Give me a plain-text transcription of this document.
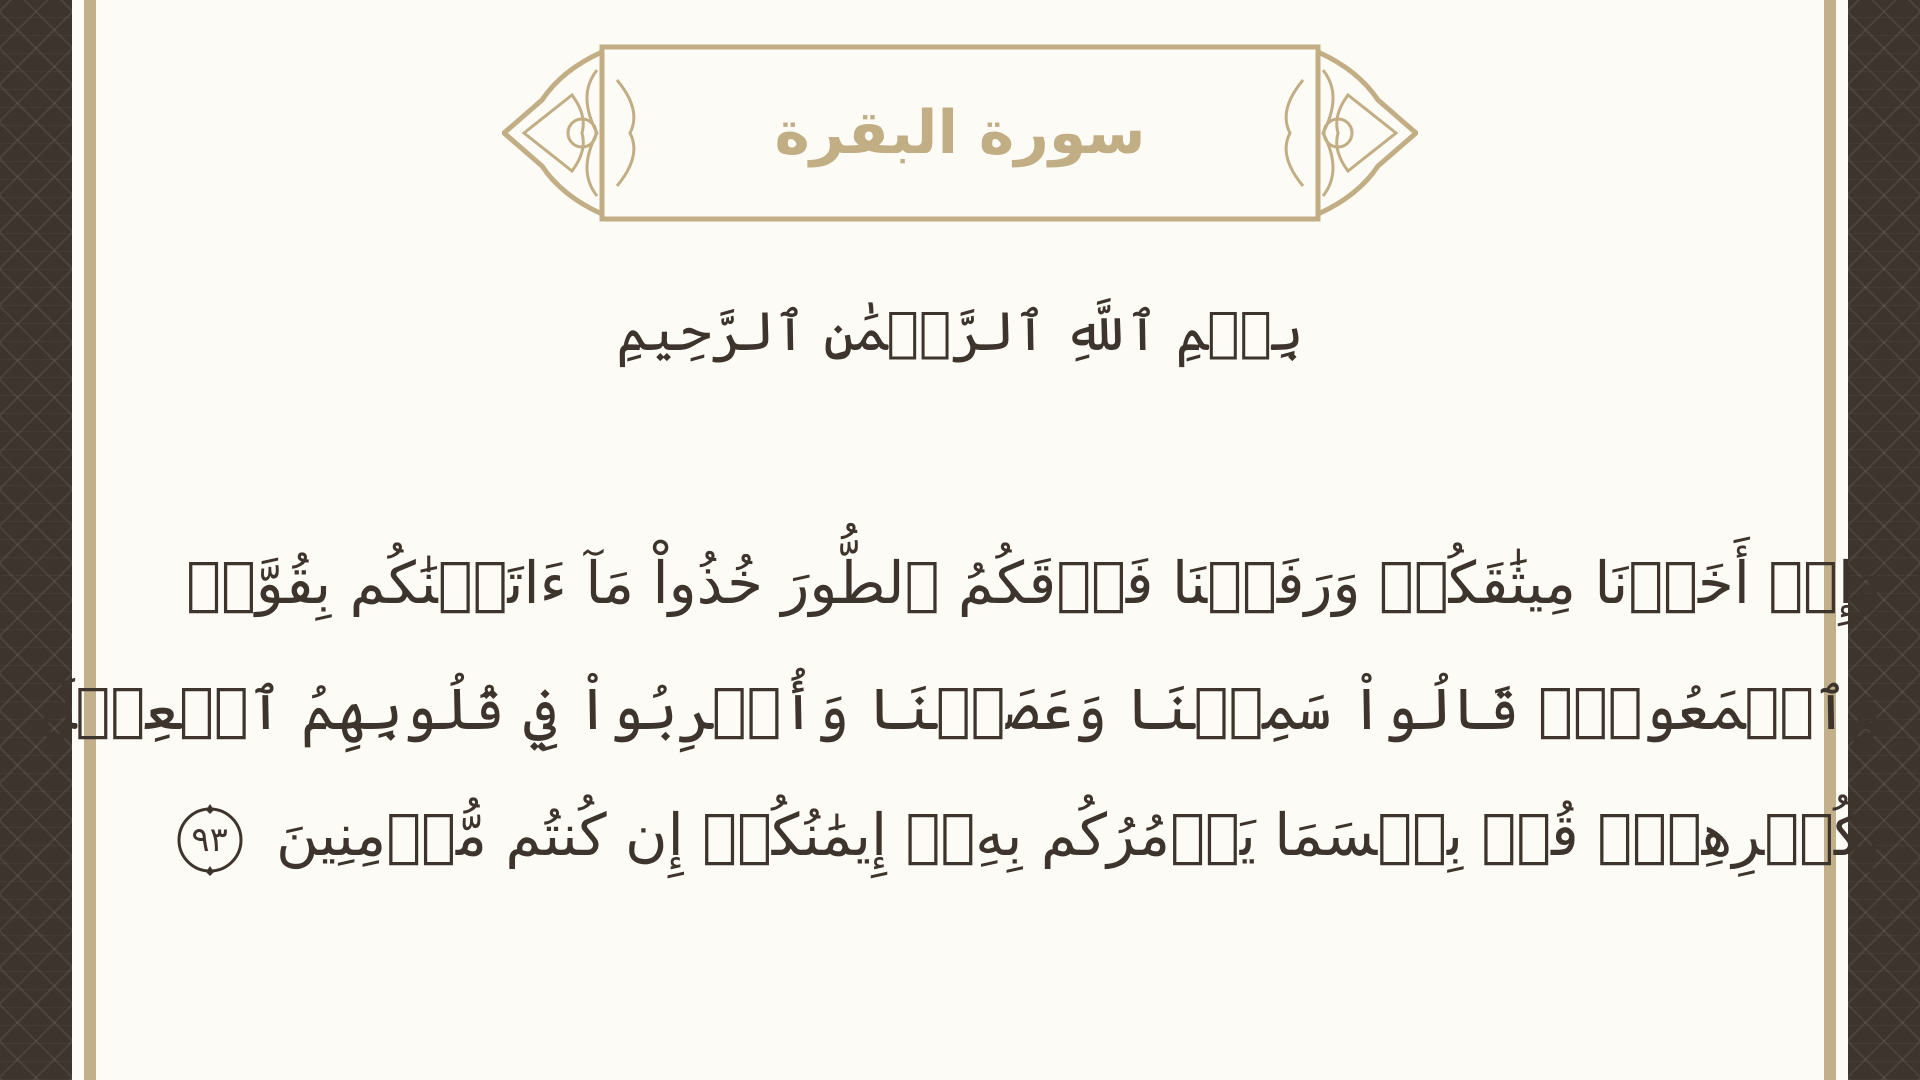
سورة البقرة
بِسۡمِ ٱللَّهِ ٱلرَّحۡمَٰنِ ٱلرَّحِيمِ
وَإِذۡ أَخَذۡنَا مِيثَٰقَكُمۡ وَرَفَعۡنَا فَوۡقَكُمُ ٱلطُّورَ خُذُواْ مَآ ءَاتَيۡنَٰكُم بِقُوَّةٖ
وَٱسۡمَعُواْۖ قَالُواْ سَمِعۡنَا وَعَصَيۡنَا وَأُشۡرِبُواْ فِي قُلُوبِهِمُ ٱلۡعِجۡلَ
بِكُفۡرِهِمۡۚ قُلۡ بِئۡسَمَا يَأۡمُرُكُم بِهِۦٓ إِيمَٰنُكُمۡ إِن كُنتُم مُّؤۡمِنِينَ
٩٣
